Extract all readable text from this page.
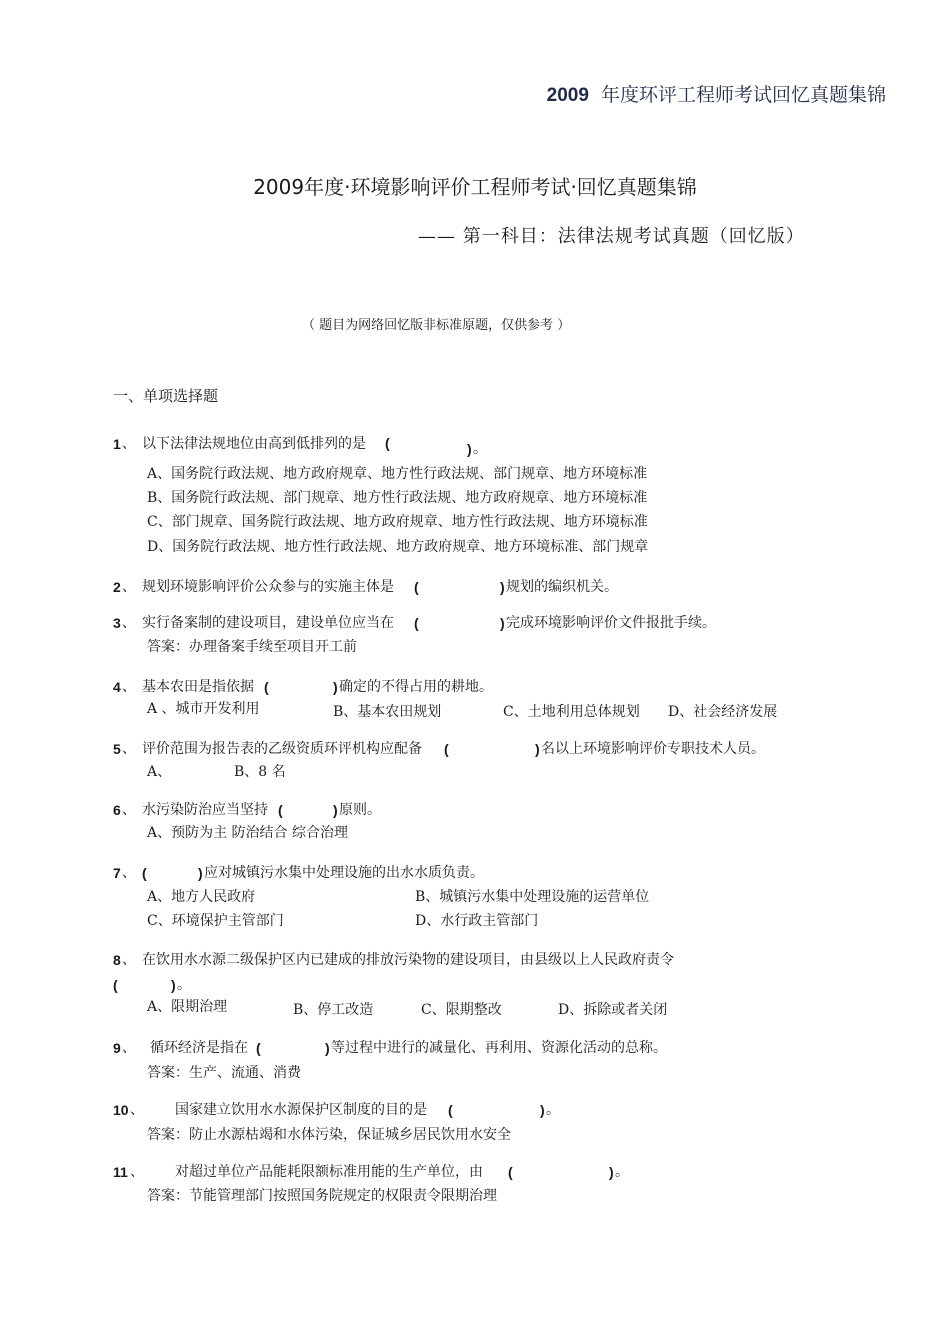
2009 年度环评工程师考试回忆真题集锦
2009年度·环境影响评价工程师考试·回忆真题集锦
—— 第一科目：法律法规考试真题（回忆版）
（ 题目为网络回忆版非标准原题，仅供参考 ）
一、单项选择题
1 、 以下法律法规地位由高到低排列的是 (	) 。
A、国务院行政法规、地方政府规章、地方性行政法规、部门规章、地方环境标准
B、国务院行政法规、部门规章、地方性行政法规、地方政府规章、地方环境标准
C、部门规章、国务院行政法规、地方政府规章、地方性行政法规、地方环境标准
D、国务院行政法规、地方性行政法规、地方政府规章、地方环境标准、部门规章
2 、 规划环境影响评价公众参与的实施主体是 (	) 规划的编织机关。
3 、 实行备案制的建设项目，建设单位应当在 (	) 完成环境影响评价文件报批手续。
答案：办理备案手续至项目开工前
4 、 基本农田是指依据 (	) 确定的不得占用的耕地。
A 、城市开发利用	B、基本农田规划	C、土地利用总体规划 D、社会经济发展
5 、 评价范围为报告表的乙级资质环评机构应配备 (	) 名以上环境影响评价专职技术人员。
A、	B、8 名
6 、 水污染防治应当坚持 (	) 原则。
A、预防为主 防治结合 综合治理
7 、 (	) 应对城镇污水集中处理设施的出水水质负责。
A、地方人民政府	B、城镇污水集中处理设施的运营单位
C、环境保护主管部门	D、水行政主管部门
8 、 在饮用水水源二级保护区内已建成的排放污染物的建设项目，由县级以上人民政府责令
(	) 。
A、限期治理	B、停工改造	C、限期整改	D、拆除或者关闭
9 、 循环经济是指在 (	) 等过程中进行的减量化、再利用、资源化活动的总称。
答案：生产、流通、消费
10 、 国家建立饮用水水源保护区制度的目的是 (	) 。
答案：防止水源枯竭和水体污染，保证城乡居民饮用水安全
11 、 对超过单位产品能耗限额标准用能的生产单位，由 (	) 。
答案：节能管理部门按照国务院规定的权限责令限期治理
